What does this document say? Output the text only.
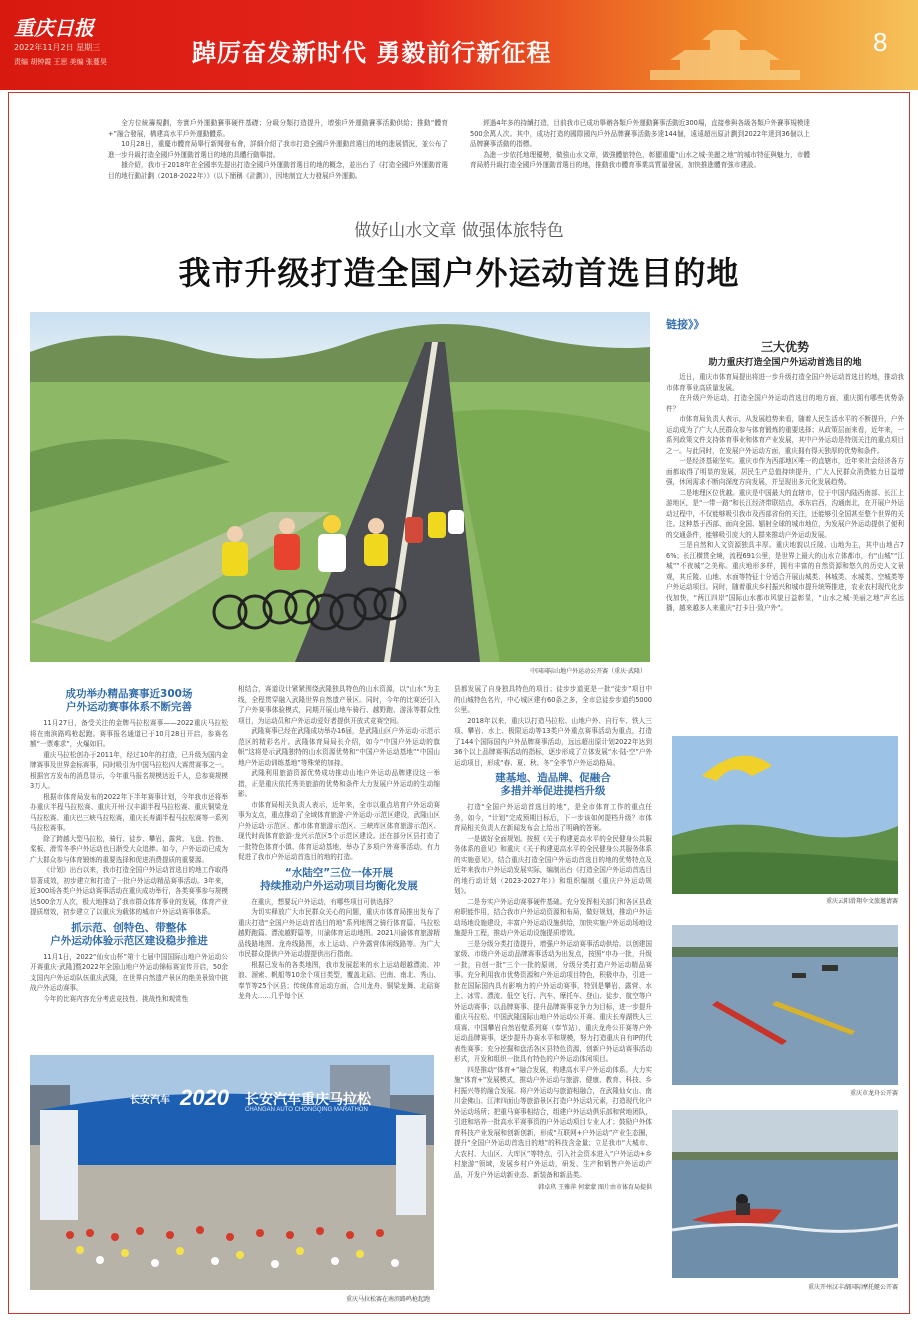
重庆日报
2022年11月2日 星期三
责编 胡钟霞 王思 美编 张蔓昊	踔厉奋发新时代 勇毅前行新征程	8

全方位統籌規劃，夯實戶外運動賽事硬件基礎；分級分類打造提升，增強戶外運動賽事活動供給；推動“體育+”融合發展，構建高水平戶外運動體系。

10月28日，重慶市體育局舉行新聞發布會，詳細介紹了我市打造全國戶外運動首選目的地的進展情況，並公布了進一步升級打造全國戶外運動首選目的地的具體行動舉措。

據介紹，我市于2018年在全國率先提出打造全國戶外運動首選目的地的概念，並出台了《打造全國戶外運動首選目的地行動計劃（2018-2022年）》（以下簡稱《計劃》），因地制宜大力發展戶外運動。

經過4年多的持續打造，目前我市已成功舉辦各類戶外運動賽事活動近300場，直接參與各級各類戶外賽事規模達500余萬人次。其中，成功打造的國際國內戶外品牌賽事活動多達144個，遠遠超出原計劃到2022年達到36個以上品牌賽事活動的指標。

為進一步依托地理優勢，做強山水文章，做強體旅特色，彰顯重慶“山水之城·美麗之地”的城市特征與魅力，市體育局將升級打造全國戶外運動首選目的地，推動我市體育事業高質量發展，加快推進體育強市建設。

做好山水文章 做强体旅特色
我市升级打造全国户外运动首选目的地
中国国际山地户外运动公开赛（重庆·武隆）
成功举办精品赛事近300场
户外运动赛事体系不断完善

11月27日，备受关注的金牌马拉松赛事——2022重庆马拉松将在南滨路鸣枪起跑。赛事报名通道已于10月28日开启，参赛名额“一票难求”，火爆如旧。

重庆马拉松创办于2011年，经过10年的打造，已升级为国内金牌赛事及世界金标赛事，同时吸引为中国马拉松四大赛贯赛事之一。根据官方发布的消息显示，今年重马报名规模达近千人，总参赛规模3万人。

根据市体育局发布的2022年下半年赛事计划，今年我市还将举办重庆半程马拉松赛、重庆开州·汉丰湖半程马拉松赛、重庆铜梁龙马拉松赛、重庆巴三峡马拉松赛，重庆长寿湖半程马拉松赛等一系列马拉松赛事。

除了跨越大型马拉松，骑行、徒步、攀岩、露营、飞盘、钓鱼、桨板、滑雪冬季户外运动也日渐受大众追捧。如今，户外运动已成为广大群众参与体育锻炼的重要选择和促进消费提质的重要源。

《计划》出台以来，我市打造全国户外运动首选目的地工作取得显著成效，初步建立和打造了一批户外运动精品赛事活动。3年来，近300场各类户外运动赛事活动在重庆成功举行，各类赛事参与规模达500余万人次，极大地推动了我市群众体育事业的发展，体育产业提质增效，初步建立了以重庆为载体的城市户外运动赛事体系。

抓示范、创特色、带整体
户外运动体验示范区建设稳步推进

11月1日，2022“仙女山杯”第十七届中国国际山地户外运动公开赛重庆·武隆]暨2022年全国山地户外运动锦标赛宣传开启，50余支国内户外运动队伍重庆武隆，在世界自然遗产景区的绝美景致中挑战户外运动赛事。

今年的比赛内容充分考虑竞技性、挑战性和观赏性

相结合，赛道设计紧紧围绕武隆独具特色的山水资源，以“山水”为主线，全程贯穿融入武隆世界自然遗产景区。同时，今年的比赛还引入了户外赛事体验模式，同期开展山地车骑行、越野跑、游泳等群众性项目，为运动员和户外运动爱好者提供开放式竞赛空间。

武隆赛事已经在武隆成功举办16届，是武隆山区户外运动·示范示范区的精彩名片。武隆体育局局长介绍，如今“中国户外运动的旗帜”这将是示武隆独特的山水资源优势和“中国户外运动基地”“中国山地户外运动训练基地”等殊荣的加持。

武隆利用旅游资源优势成功推动山地户外运动品牌建设这一举措，正是重庆依托秀美旅游的优势和条件大力发展户外运动的生动缩影。

市体育局相关负责人表示，近年来，全市以重点培育户外运动赛事为支点，重点推动了全域体育旅游·户外运动·示范区建设，武隆山区户外运动·示范区、都市体育旅游示范区、三峡库区体育旅游示范区、现代时尚体育旅游·龙兴示范区5个示范区建设。还在部分区县打造了一批特色体育小镇、体育运动基地，举办了多项户外赛事活动，有力促进了我市户外运动首选目的地的打造。

“水陆空”三位一体开展
持续推动户外运动项目均衡化发展

在重庆，想要玩户外运动，有哪些项目可供选择？

为切实释放广大市民群众关心的问题，重庆市体育局推出发布了重庆打造“全国户外运动首选目的地”系列地图之骑行体育篇、马拉松越野跑篇、漂流越野篇等，川渝体育运动地图。2021川渝体育旅游精品线路地图、龙舟线路图，水上运动、户外露营体闲线路等。为广大市民群众提供户外运动提提供出行指南。

根据已发布的各类地图，我市发展起来的水上运动超越漂流、冲浪、溜索、帆船等10余个项目类型，覆盖北碚、巴南、南北、秀山、奉节等25个区县；传统体育运动方面，合川龙舟、铜梁龙舞、北碚赛龙舟大……几乎每个区

县都发展了自身独具特色的项目；徒步步道更是一批“徒步”项目中的山城特色名片，中心城区建有60条之多，全市总徒步步道约5000公里。

2018年以来，重庆以打造马拉松、山地户外、自行车、铁人三项、攀岩、水上、极限运动等13类户外重点赛事活动为重点，打造了144个国际国内户外品牌赛事活动，远远超出原计划2022年达到36个以上品牌赛事活动的指标，逐步形成了立体发展“水·陆·空”户外运动项目，形成“春、夏、秋、冬”全季节户外运动格局。

建基地、造品牌、促融合
多措并举促进提档升级

打造“全国户外运动首选目的地”，是全市体育工作的重点任务，如今，“计划”完成预期目标后，下一步该如何提档升级？市体育局相关负责人在新闻发布会上给出了明确的答案。

一是做好全面规划。按照《关于构建更高水平的全民健身公共服务体系的意见》和重庆《关于构建更高水平的全民健身公共服务体系的实施意见》，结合重庆打造全国户外运动首选目的地的优势特点及近年来我市户外运动发展实际，编制出台《打造全国户外运动首选目的地行动计划（2023-2027年）》和组织编制《重庆户外运动规划》。

二是夯实户外运动赛事硬件基础。充分发挥相关部门和各区县政府职能作用，结合我市户外运动资源和布局，做好规划，推动户外运动场地设施建设，丰富户外运动设施供给，加快实施户外运动场地设施提升工程，推动户外运动设施提质增效。

三是分级分类打造提升，增强户外运动赛事活动供给。以创建国家级、市级户外运动品牌赛事活动为出发点，按照“申办一批，升级一批，自创一批”三个一批的原则，分级分类打造户外运动精品赛事。充分利用我市优势资源和户外运动项目特色，积极申办，引进一批在国际国内具有影响力的户外运动赛事，特别是攀岩、露营、水上、冰雪、漂流、低空飞行、汽车、摩托车、登山、徒步、航空等户外运动赛事；以品牌赛事、提升品牌赛事竞争力为目标，进一步提升重庆马拉松、中国武隆国际山地户外运动公开赛、重庆长寿湖铁人三项赛、中国攀岩自然岩壁系列赛（奉节站）、重庆龙舟公开赛等户外运动品牌赛事，逐步提升办赛水平和规模，努力打造重庆自有IP的代表性赛事；充分挖掘和盘活各区县特色资源，创新户外运动赛事活动形式，开发和组织一批具有特色的户外运动体闲项目。

四是推动“体育+”融合发展，构建高水平户外运动体系。大力实施“体育+”发展模式，推动户外运动与旅游、健康、教育、科技、乡村振兴等的融合发展。将户外运动与旅游相融合，在武隆仙女山、南川金佛山、江津四面山等旅游景区打造户外运动元素，打造现代化户外运动场所；把重马赛事相结合，组建户外运动俱乐部和营地团队，引进和培养一批高水平赛事资的户外运动项目专业人才；鼓励户外体育科技产业发展和创新创新，形成“互联网+户外运动”产业生态圈，提升“全国户外运动首选目的地”的科技含金量；立足我市“大城市、大农村、大山区、大库区”等特点，引入社会资本进入“户外运动+乡村旅游”领域，发展乡村户外运动，研发、生产和销售户外运动产品，开发户外运动新业态、新装备和新品类。

韩卓玖 王雅萍 何蒙蒙 图片由市体育局提供
长安汽车 2020 长安汽车重庆马拉松
CHANGAN AUTO CHONGQING MARATHON
重庆马拉松赛在南滨路鸣枪起跑
链接》》
三大优势
助力重庆打造全国户外运动首选目的地

近日，重庆市体育局提出将进一步升级打造全国户外运动首选目的地，推动我市体育事业高质量发展。

在升级户外运动，打造全国户外运动首选目的地方面，重庆拥有哪些优势条件？

市体育局负责人表示，从发展趋势来看，随着人民生活水平的不断提升，户外运动成为了广大人民群众参与体育锻炼的重要选择；从政策层面来看，近年来，一系列政策文件支持体育事业和体育产业发展，其中户外运动是特别关注的重点项目之一。与此同时，在发展户外运动方面，重庆拥有得天独厚的优势和条件。

一是经济基础坚实。重庆市作为西部地区唯一的直辖市，近年来社会经济各方面都取得了明显的发展，居民生产总值持续提升，广大人民群众消费能力日益增强，休闲需求不断向深度方向发展，并呈现出多元化发展趋势。

二是地理区位优越。重庆是中国最大的直辖市，位于中国内陆西南部、长江上游地区，是“一带一路”和长江经济带联结点，承东启西，沟通南北，在开展户外运动过程中，不仅能够吸引我市及西部省份的关注，还能够引全国甚至整个世界的关注。这种基于西部、面向全国、辐射全球的城市地位，为发展户外运动提供了便利的交通条件，能够吸引庞大的人群来推动户外运动发展。

三是自然和人文资源独具丰厚。重庆地貌以丘陵、山地为主，其中山地占76%；长江横贯全境，流程691公里，是世界上最大的山水立体都市，有“山城”“江城”“不夜城”之美称。重庆地形多样，拥有丰富的自然资源和悠久的历史人文景观，其丘陵、山地、水面等特征十分适合开展山城类、林城类、水城类、空城类等户外运动项目。同时，随着重庆乡村振兴和城市提升统筹推进，农业农村现代化步伐加快，“两江四岸”国际山水都市风貌日益彰显，“山水之城·美丽之地”声名远播，越来越多人来重庆“打卡日·致户外”。

重庆云阳滑翔伞文旅邀请赛
重庆市龙舟公开赛
重庆开州汉丰湖国际摩托艇公开赛
